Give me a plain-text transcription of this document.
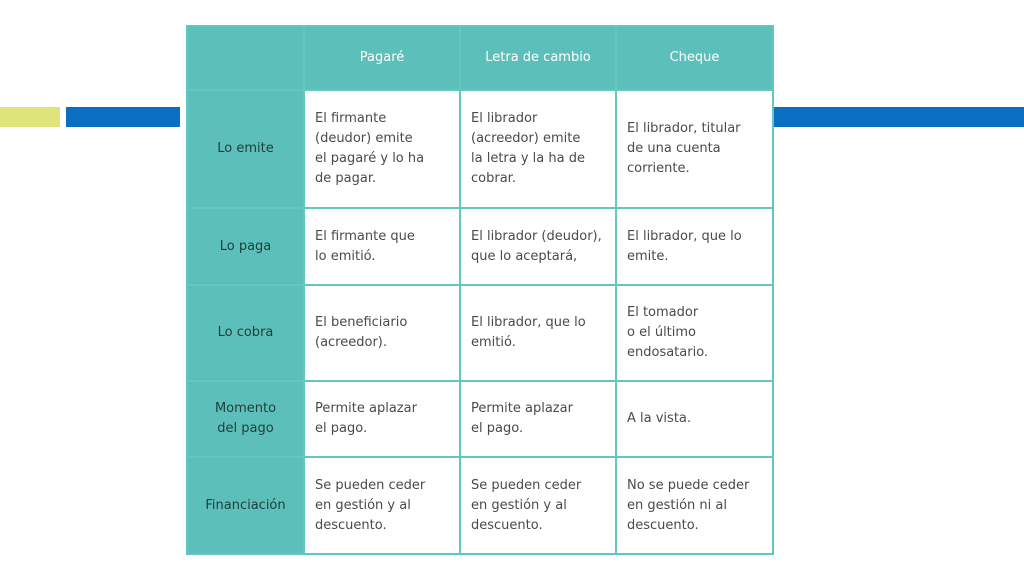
	Pagaré	Letra de cambio	Cheque
Lo emite	El firmante
(deudor) emite
el pagaré y lo ha
de pagar.	El librador
(acreedor) emite
la letra y la ha de
cobrar.	El librador, titular
de una cuenta
corriente.
Lo paga	El firmante que
lo emitió.	El librador (deudor),
que lo aceptará,	El librador, que lo
emite.
Lo cobra	El beneficiario
(acreedor).	El librador, que lo
emitió.	El tomador
o el último
endosatario.
Momento
del pago	Permite aplazar
el pago.	Permite aplazar
el pago.	A la vista.
Financiación	Se pueden ceder
en gestión y al
descuento.	Se pueden ceder
en gestión y al
descuento.	No se puede ceder
en gestión ni al
descuento.
